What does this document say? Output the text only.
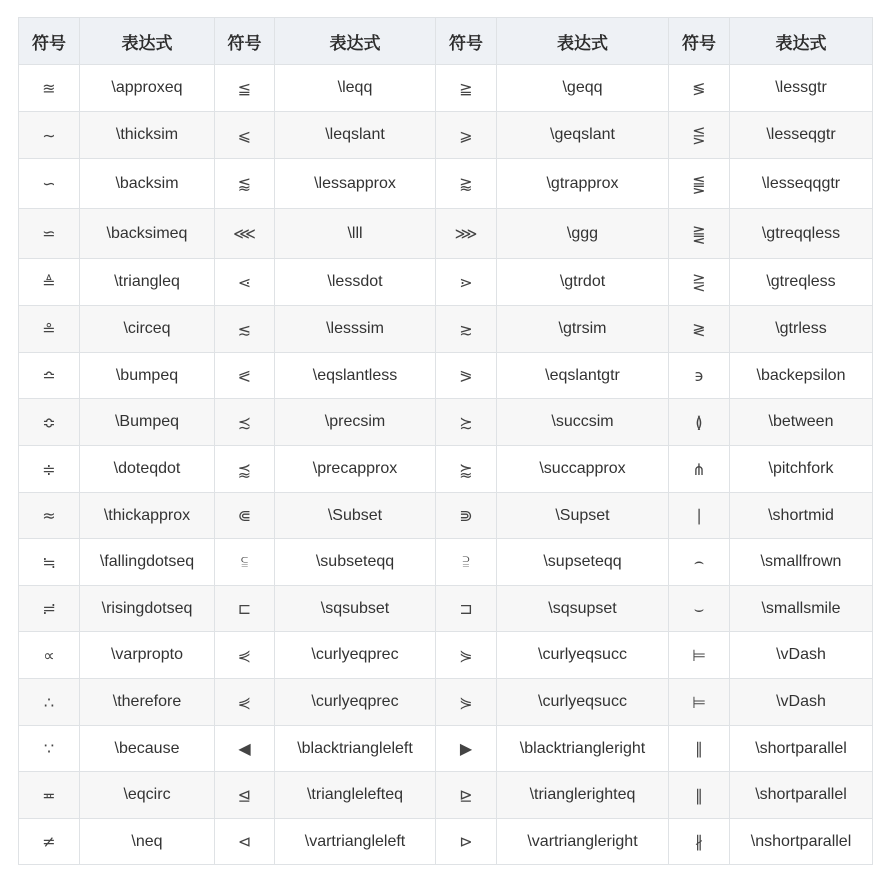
符号	表达式	符号	表达式	符号	表达式	符号	表达式
≊	\approxeq	≦	\leqq	≧	\geqq	≶	\lessgtr
∼	\thicksim	⩽	\leqslant	⩾	\geqslant	⋚	\lesseqgtr
∽	\backsim	⪅	\lessapprox	⪆	\gtrapprox	⪋	\lesseqqgtr
⋍	\backsimeq	⋘	\lll	⋙	\ggg	⪌	\gtreqqless
≜	\triangleq	⋖	\lessdot	⋗	\gtrdot	⋛	\gtreqless
≗	\circeq	≲	\lesssim	≳	\gtrsim	≷	\gtrless
≏	\bumpeq	⪕	\eqslantless	⪖	\eqslantgtr	϶	\backepsilon
≎	\Bumpeq	≾	\precsim	≿	\succsim	≬	\between
≑	\doteqdot	⪷	\precapprox	⪸	\succapprox	⋔	\pitchfork
≈	\thickapprox	⋐	\Subset	⋑	\Supset	∣	\shortmid
≒	\fallingdotseq	⫅	\subseteqq	⫆	\supseteqq	⌢	\smallfrown
≓	\risingdotseq	⊏	\sqsubset	⊐	\sqsupset	⌣	\smallsmile
∝	\varpropto	⋞	\curlyeqprec	⋟	\curlyeqsucc	⊨	\vDash
∴	\therefore	⋞	\curlyeqprec	⋟	\curlyeqsucc	⊨	\vDash
∵	\because	◀	\blacktriangleleft	▶	\blacktriangleright	∥	\shortparallel
≖	\eqcirc	⊴	\trianglelefteq	⊵	\trianglerighteq	∥	\shortparallel
≠	\neq	⊲	\vartriangleleft	⊳	\vartriangleright	∦	\nshortparallel
